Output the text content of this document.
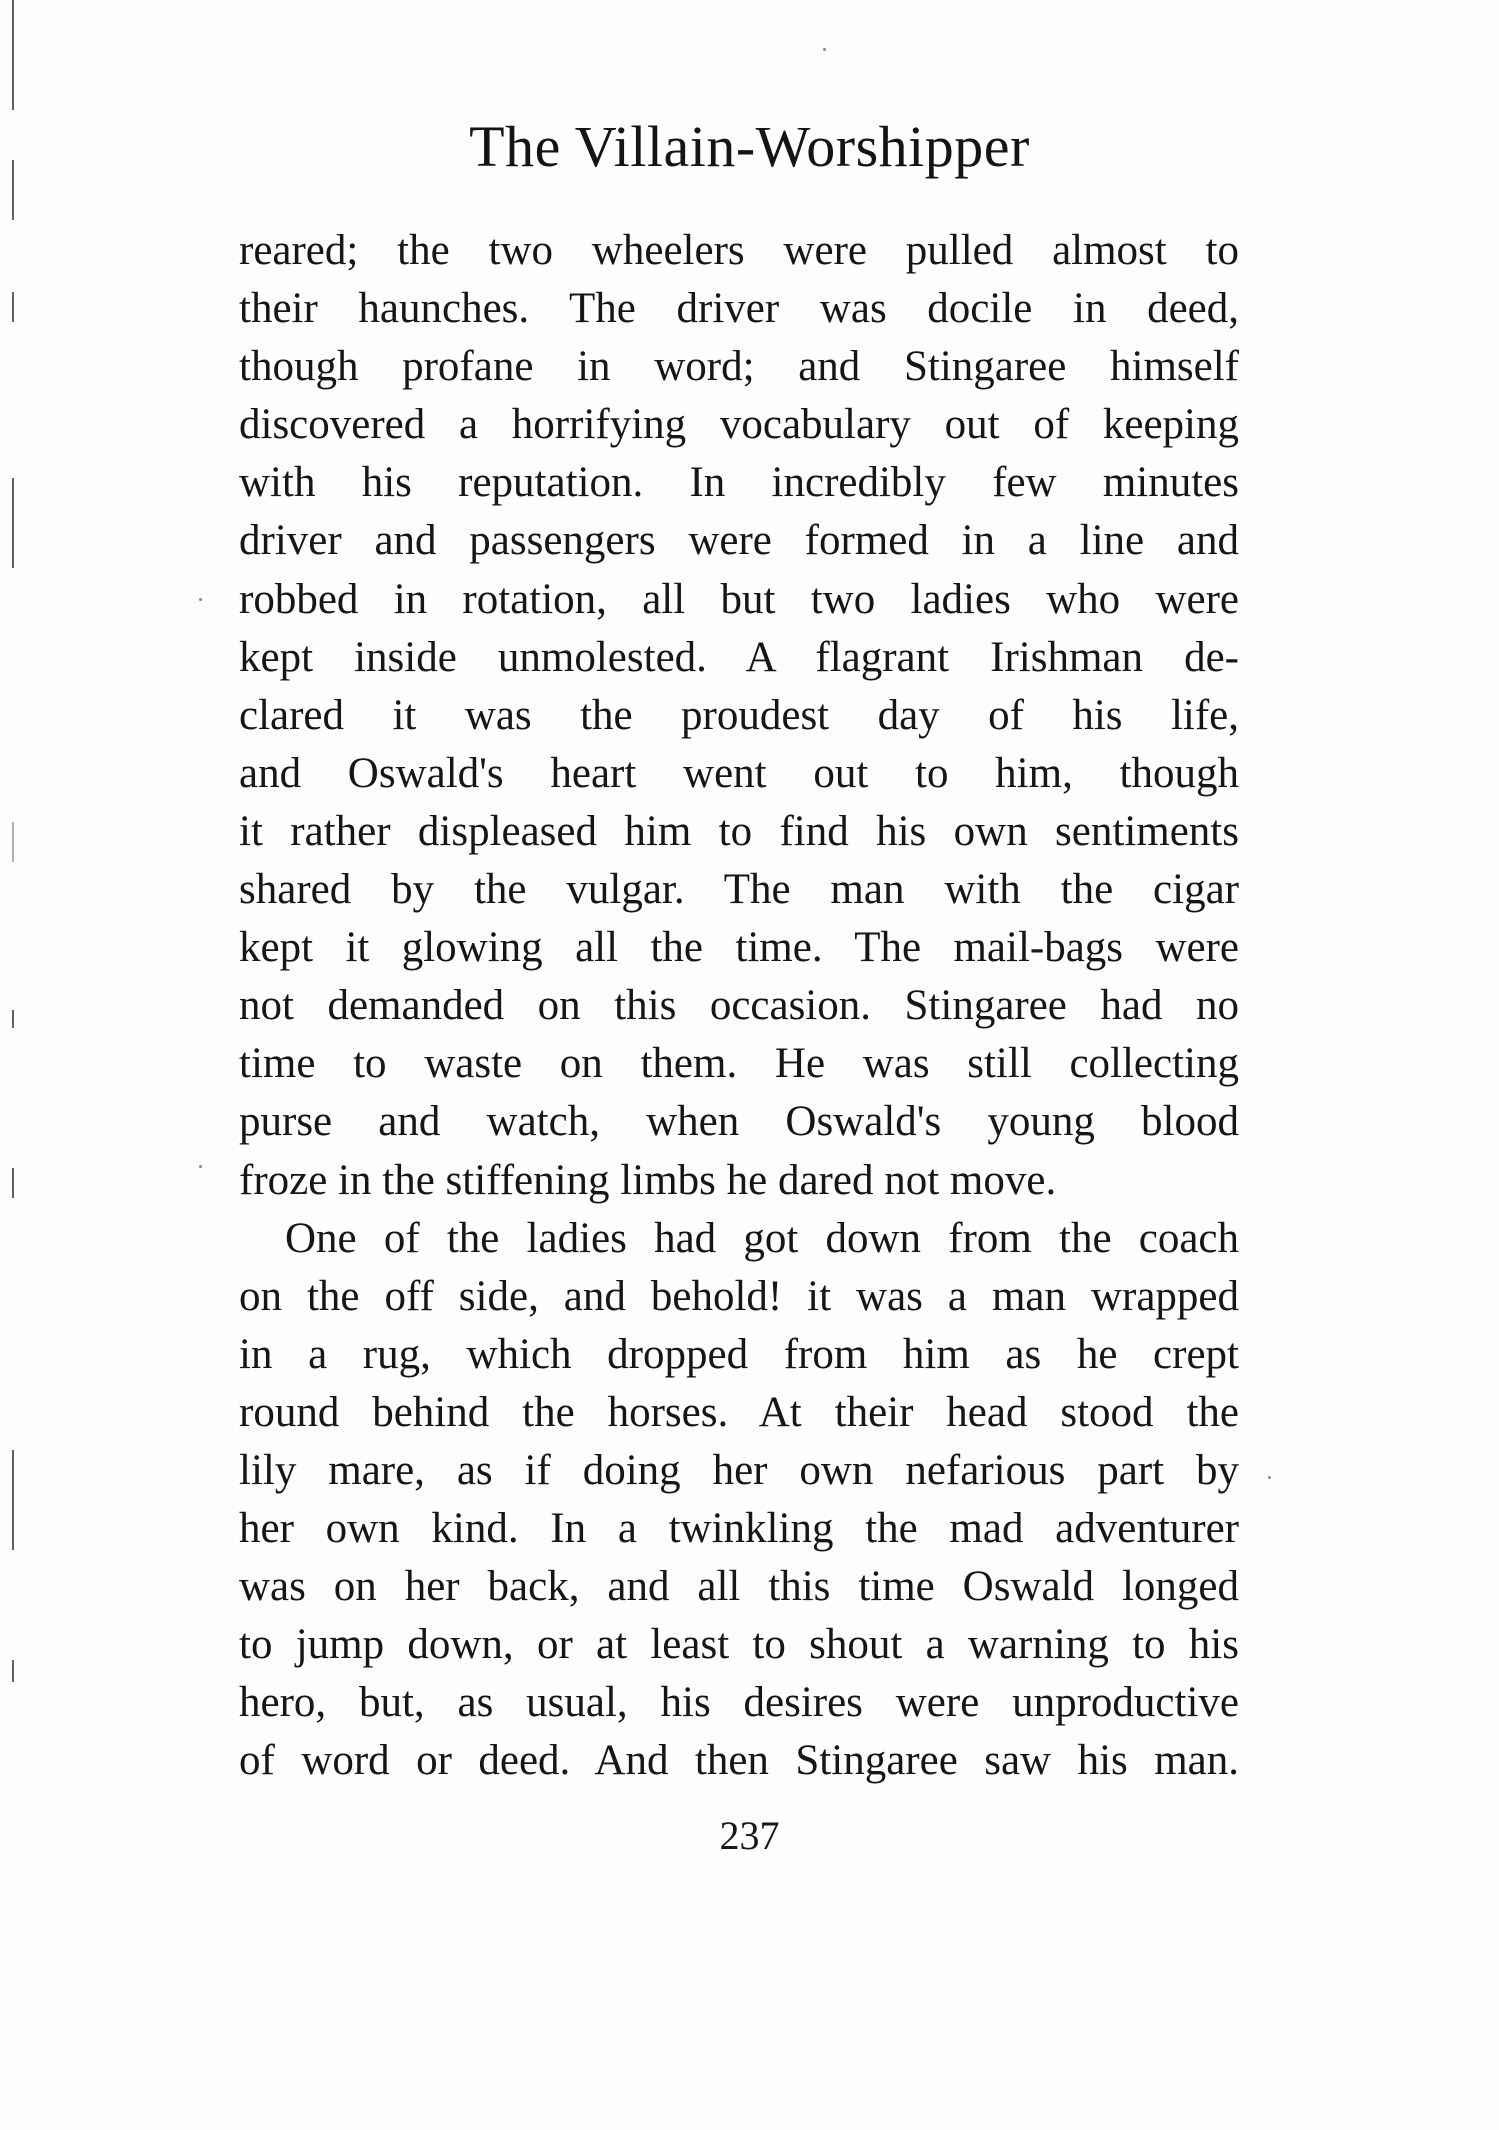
The Villain-Worshipper
reared; the two wheelers were pulled almost to
their haunches. The driver was docile in deed,
though profane in word; and Stingaree himself
discovered a horrifying vocabulary out of keeping
with his reputation. In incredibly few minutes
driver and passengers were formed in a line and
robbed in rotation, all but two ladies who were
kept inside unmolested. A flagrant Irishman de-
clared it was the proudest day of his life,
and Oswald's heart went out to him, though
it rather displeased him to find his own sentiments
shared by the vulgar. The man with the cigar
kept it glowing all the time. The mail-bags were
not demanded on this occasion. Stingaree had no
time to waste on them. He was still collecting
purse and watch, when Oswald's young blood
froze in the stiffening limbs he dared not move.
One of the ladies had got down from the coach
on the off side, and behold! it was a man wrapped
in a rug, which dropped from him as he crept
round behind the horses. At their head stood the
lily mare, as if doing her own nefarious part by
her own kind. In a twinkling the mad adventurer
was on her back, and all this time Oswald longed
to jump down, or at least to shout a warning to his
hero, but, as usual, his desires were unproductive
of word or deed. And then Stingaree saw his man.
237
